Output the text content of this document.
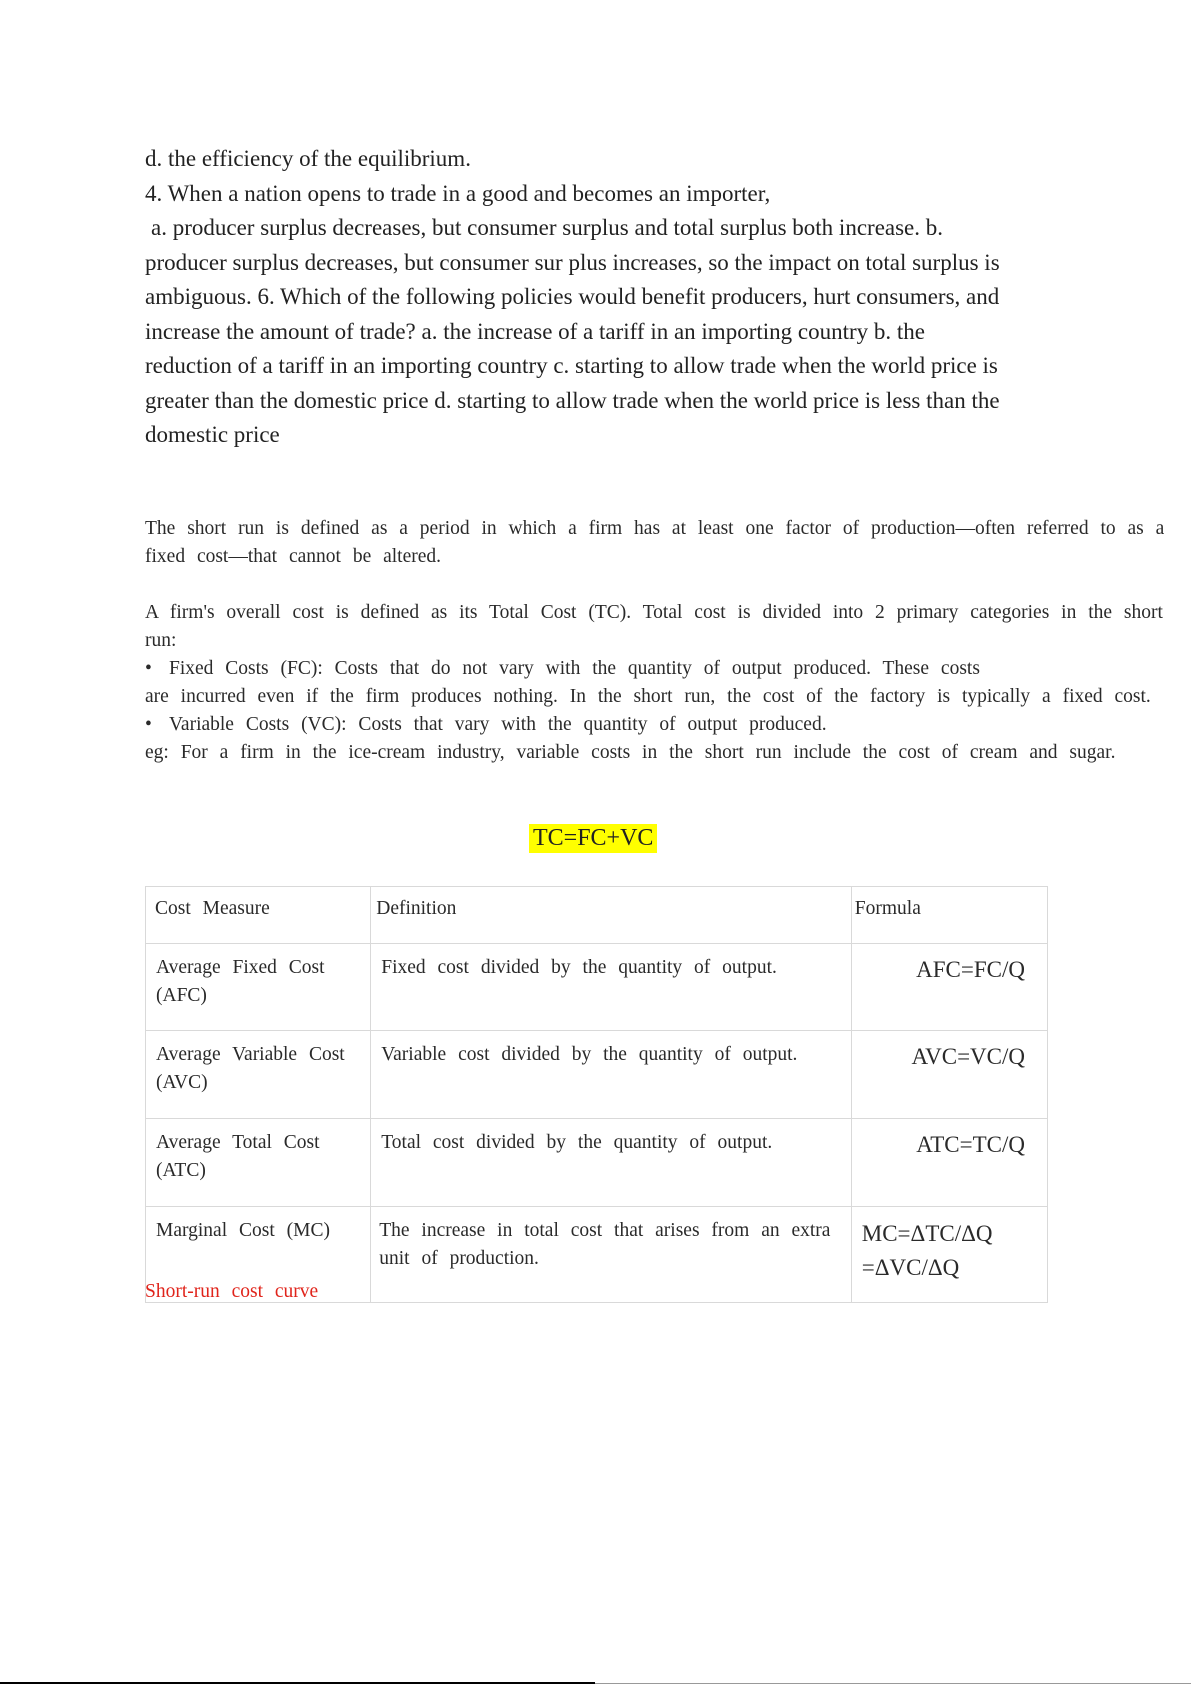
d. the efficiency of the equilibrium.

4. When a nation opens to trade in a good and becomes an importer,

a. producer surplus decreases, but consumer surplus and total surplus both increase. b.

producer surplus decreases, but consumer sur plus increases, so the impact on total surplus is

ambiguous. 6. Which of the following policies would benefit producers, hurt consumers, and

increase the amount of trade? a. the increase of a tariff in an importing country b. the

reduction of a tariff in an importing country c. starting to allow trade when the world price is

greater than the domestic price d. starting to allow trade when the world price is less than the

domestic price

The short run is defined as a period in which a firm has at least one factor of production—often referred to as a fixed cost—that cannot be altered.

A firm's overall cost is defined as its Total Cost (TC). Total cost is divided into 2 primary categories in the short run:

• Fixed Costs (FC): Costs that do not vary with the quantity of output produced. These costs

are incurred even if the firm produces nothing. In the short run, the cost of the factory is typically a fixed cost.

• Variable Costs (VC): Costs that vary with the quantity of output produced.

eg: For a firm in the ice-cream industry, variable costs in the short run include the cost of cream and sugar.

TC=FC+VC
Cost Measure	Definition	Formula
Average Fixed Cost (AFC)	Fixed cost divided by the quantity of output.	AFC=FC/Q
Average Variable Cost (AVC)	Variable cost divided by the quantity of output.	AVC=VC/Q
Average Total Cost (ATC)	Total cost divided by the quantity of output.	ATC=TC/Q
Marginal Cost (MC)	The increase in total cost that arises from an extra unit of production.	MC=ΔTC/ΔQ
=ΔVC/ΔQ
Short-run cost curve
